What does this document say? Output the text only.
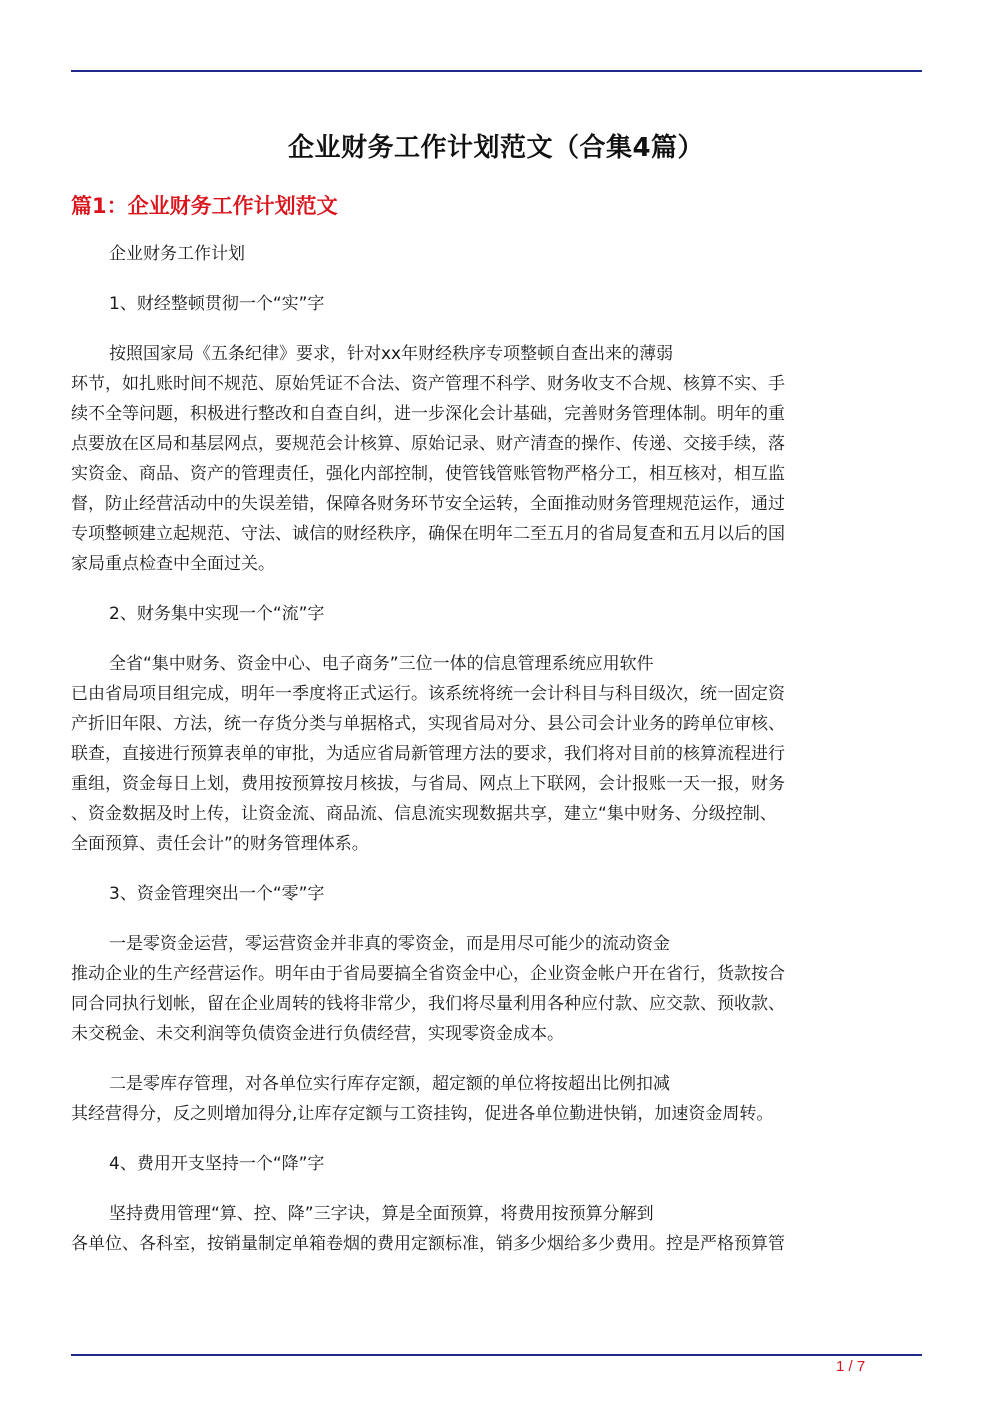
企业财务工作计划范文（合集4篇）
篇1：企业财务工作计划范文

企业财务工作计划

1、财经整顿贯彻一个“实”字

按照国家局《五条纪律》要求，针对xx年财经秩序专项整顿自查出来的薄弱
环节，如扎账时间不规范、原始凭证不合法、资产管理不科学、财务收支不合规、核算不实、手
续不全等问题，积极进行整改和自查自纠，进一步深化会计基础，完善财务管理体制。明年的重
点要放在区局和基层网点，要规范会计核算、原始记录、财产清查的操作、传递、交接手续，落
实资金、商品、资产的管理责任，强化内部控制，使管钱管账管物严格分工，相互核对，相互监
督，防止经营活动中的失误差错，保障各财务环节安全运转，全面推动财务管理规范运作，通过
专项整顿建立起规范、守法、诚信的财经秩序，确保在明年二至五月的省局复查和五月以后的国
家局重点检查中全面过关。

2、财务集中实现一个“流”字

全省“集中财务、资金中心、电子商务”三位一体的信息管理系统应用软件
已由省局项目组完成，明年一季度将正式运行。该系统将统一会计科目与科目级次，统一固定资
产折旧年限、方法，统一存货分类与单据格式，实现省局对分、县公司会计业务的跨单位审核、
联查，直接进行预算表单的审批，为适应省局新管理方法的要求，我们将对目前的核算流程进行
重组，资金每日上划，费用按预算按月核拔，与省局、网点上下联网，会计报账一天一报，财务
、资金数据及时上传，让资金流、商品流、信息流实现数据共享，建立“集中财务、分级控制、
全面预算、责任会计”的财务管理体系。

3、资金管理突出一个“零”字

一是零资金运营，零运营资金并非真的零资金，而是用尽可能少的流动资金
推动企业的生产经营运作。明年由于省局要搞全省资金中心，企业资金帐户开在省行，货款按合
同合同执行划帐，留在企业周转的钱将非常少，我们将尽量利用各种应付款、应交款、预收款、
未交税金、未交利润等负债资金进行负债经营，实现零资金成本。

二是零库存管理，对各单位实行库存定额，超定额的单位将按超出比例扣减
其经营得分，反之则增加得分,让库存定额与工资挂钩，促进各单位勤进快销，加速资金周转。

4、费用开支坚持一个“降”字

坚持费用管理“算、控、降”三字诀，算是全面预算，将费用按预算分解到
各单位、各科室，按销量制定单箱卷烟的费用定额标准，销多少烟给多少费用。控是严格预算管

1 / 7
